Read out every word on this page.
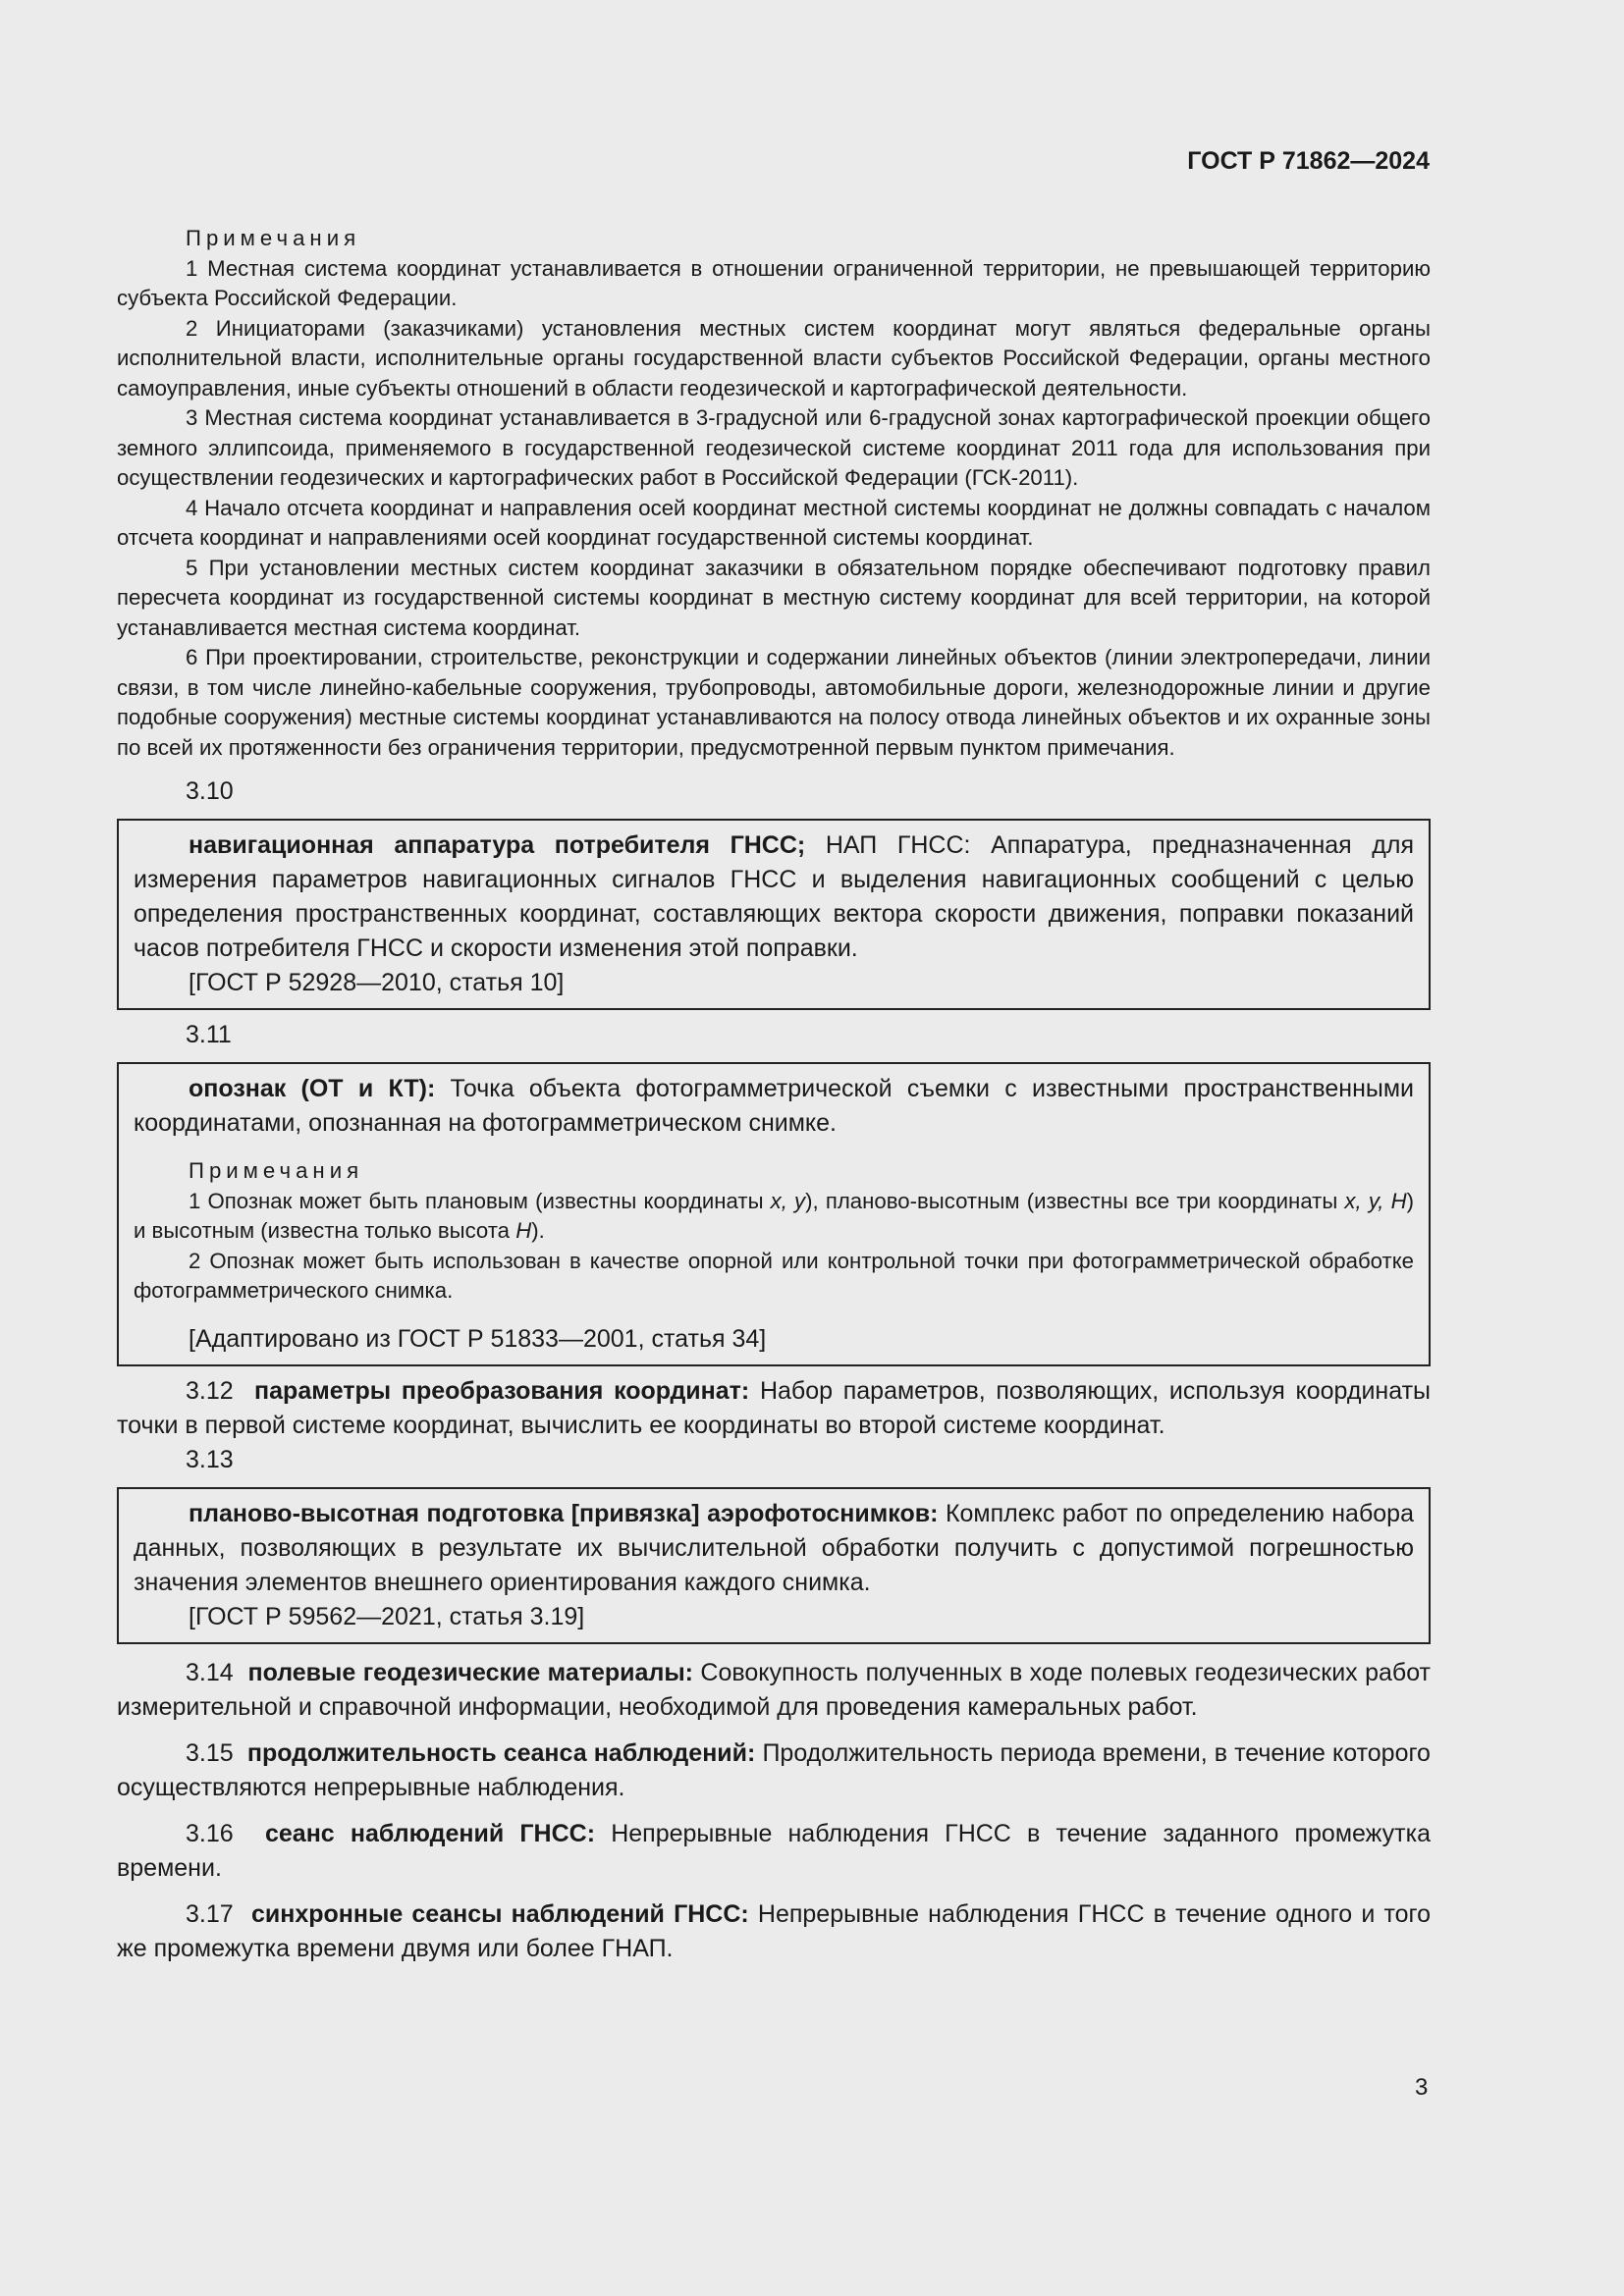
ГОСТ Р 71862—2024
Примечания

1 Местная система координат устанавливается в отношении ограниченной территории, не превышающей территорию субъекта Российской Федерации.

2 Инициаторами (заказчиками) установления местных систем координат могут являться федеральные органы исполнительной власти, исполнительные органы государственной власти субъектов Российской Федерации, органы местного самоуправления, иные субъекты отношений в области геодезической и картографической деятельности.

3 Местная система координат устанавливается в 3-градусной или 6-градусной зонах картографической проекции общего земного эллипсоида, применяемого в государственной геодезической системе координат 2011 года для использования при осуществлении геодезических и картографических работ в Российской Федерации (ГСК-2011).

4 Начало отсчета координат и направления осей координат местной системы координат не должны совпадать с началом отсчета координат и направлениями осей координат государственной системы координат.

5 При установлении местных систем координат заказчики в обязательном порядке обеспечивают подготовку правил пересчета координат из государственной системы координат в местную систему координат для всей территории, на которой устанавливается местная система координат.

6 При проектировании, строительстве, реконструкции и содержании линейных объектов (линии электропередачи, линии связи, в том числе линейно-кабельные сооружения, трубопроводы, автомобильные дороги, железнодорожные линии и другие подобные сооружения) местные системы координат устанавливаются на полосу отвода линейных объектов и их охранные зоны по всей их протяженности без ограничения территории, предусмотренной первым пунктом примечания.

3.10

навигационная аппаратура потребителя ГНСС; НАП ГНСС: Аппаратура, предназначенная для измерения параметров навигационных сигналов ГНСС и выделения навигационных сообщений с целью определения пространственных координат, составляющих вектора скорости движения, поправки показаний часов потребителя ГНСС и скорости изменения этой поправки.

[ГОСТ Р 52928—2010, статья 10]

3.11

опознак (ОТ и КТ): Точка объекта фотограмметрической съемки с известными пространственными координатами, опознанная на фотограмметрическом снимке.

Примечания

1 Опознак может быть плановым (известны координаты x, y), планово-высотным (известны все три координаты x, y, H) и высотным (известна только высота H).

2 Опознак может быть использован в качестве опорной или контрольной точки при фотограмметрической обработке фотограмметрического снимка.

[Адаптировано из ГОСТ Р 51833—2001, статья 34]

3.12 параметры преобразования координат: Набор параметров, позволяющих, используя координаты точки в первой системе координат, вычислить ее координаты во второй системе координат.

3.13

планово-высотная подготовка [привязка] аэрофотоснимков: Комплекс работ по определению набора данных, позволяющих в результате их вычислительной обработки получить с допустимой погрешностью значения элементов внешнего ориентирования каждого снимка.

[ГОСТ Р 59562—2021, статья 3.19]

3.14 полевые геодезические материалы: Совокупность полученных в ходе полевых геодезических работ измерительной и справочной информации, необходимой для проведения камеральных работ.

3.15 продолжительность сеанса наблюдений: Продолжительность периода времени, в течение которого осуществляются непрерывные наблюдения.

3.16 сеанс наблюдений ГНСС: Непрерывные наблюдения ГНСС в течение заданного промежутка времени.

3.17 синхронные сеансы наблюдений ГНСС: Непрерывные наблюдения ГНСС в течение одного и того же промежутка времени двумя или более ГНАП.

3
